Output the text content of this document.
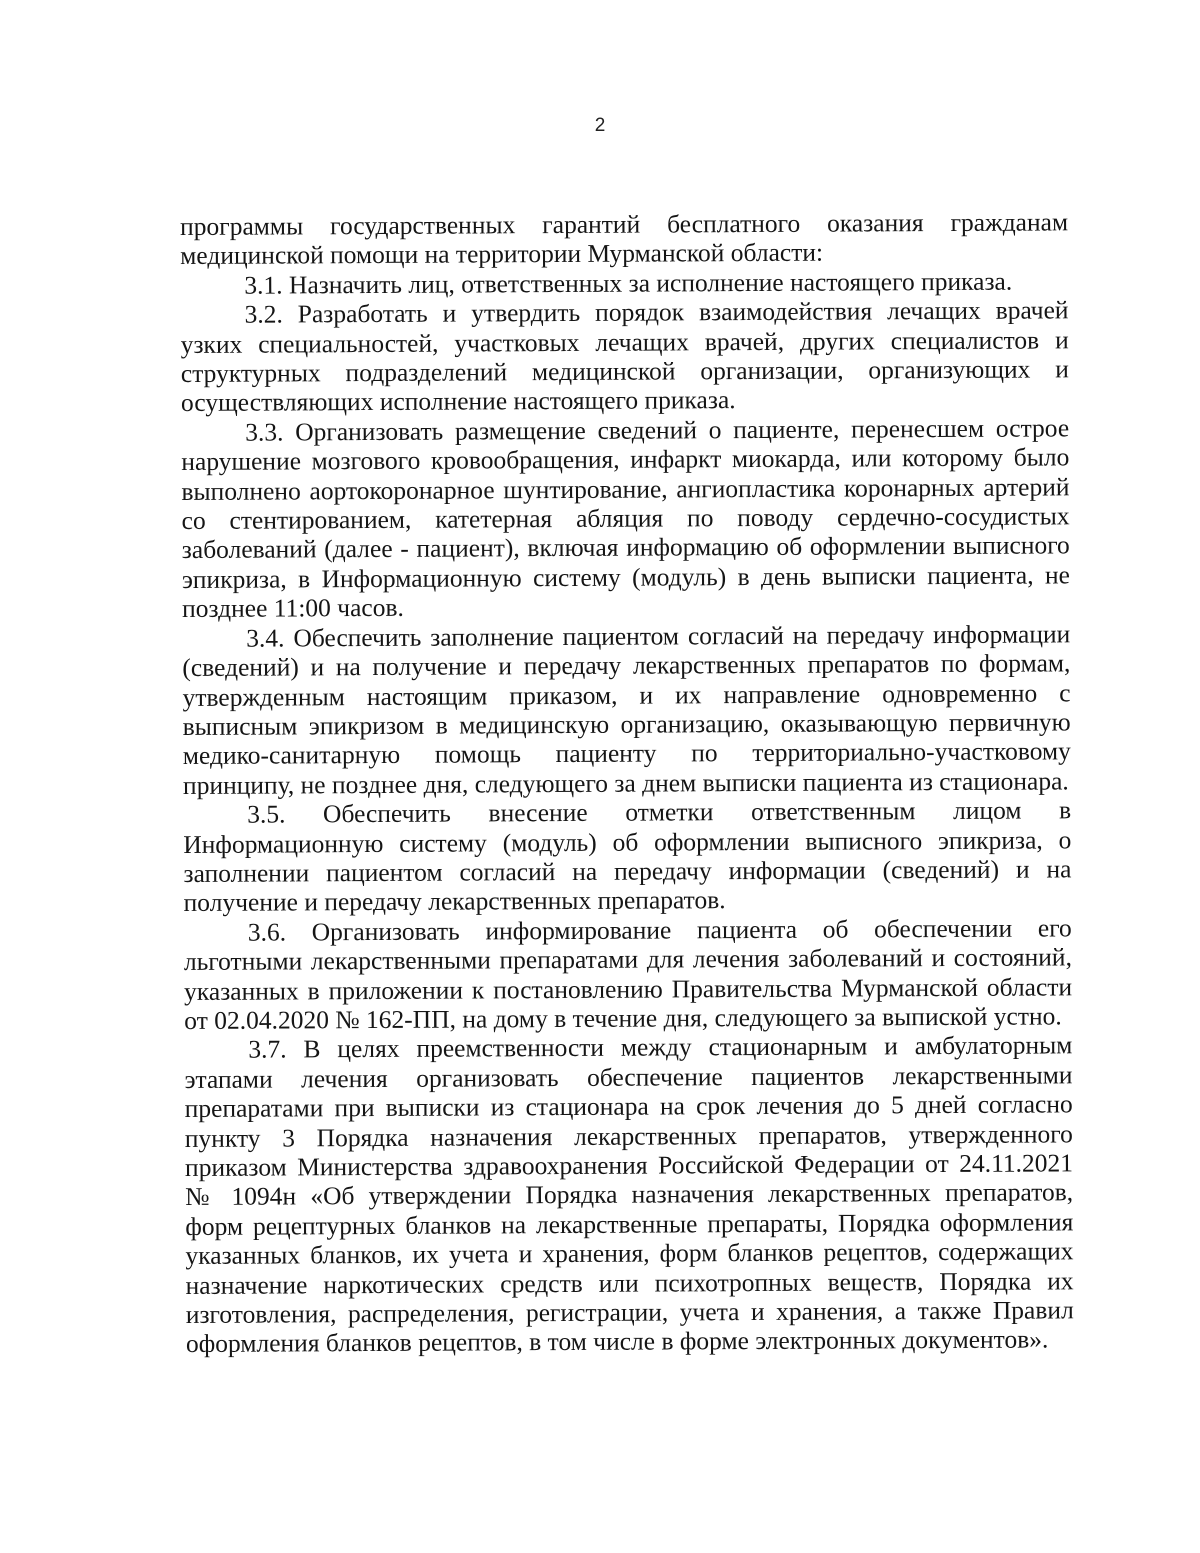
2

программы государственных гарантий бесплатного оказания гражданам медицинской помощи на территории Мурманской области:

3.1. Назначить лиц, ответственных за исполнение настоящего приказа.

3.2. Разработать и утвердить порядок взаимодействия лечащих врачей узких специальностей, участковых лечащих врачей, других специалистов и структурных подразделений медицинской организации, организующих и осуществляющих исполнение настоящего приказа.

3.3. Организовать размещение сведений о пациенте, перенесшем острое нарушение мозгового кровообращения, инфаркт миокарда, или которому было выполнено аортокоронарное шунтирование, ангиопластика коронарных артерий со стентированием, катетерная абляция по поводу сердечно-сосудистых заболеваний (далее - пациент), включая информацию об оформлении выписного эпикриза, в Информационную систему (модуль) в день выписки пациента, не позднее 11:00 часов.

3.4. Обеспечить заполнение пациентом согласий на передачу информации (сведений) и на получение и передачу лекарственных препаратов по формам, утвержденным настоящим приказом, и их направление одновременно с выписным эпикризом в медицинскую организацию, оказывающую первичную медико-санитарную помощь пациенту по территориально-участковому принципу, не позднее дня, следующего за днем выписки пациента из стационара.

3.5. Обеспечить внесение отметки ответственным лицом в Информационную систему (модуль) об оформлении выписного эпикриза, о заполнении пациентом согласий на передачу информации (сведений) и на получение и передачу лекарственных препаратов.

3.6. Организовать информирование пациента об обеспечении его льготными лекарственными препаратами для лечения заболеваний и состояний, указанных в приложении к постановлению Правительства Мурманской области от 02.04.2020 № 162-ПП, на дому в течение дня, следующего за выпиской устно.

3.7. В целях преемственности между стационарным и амбулаторным этапами лечения организовать обеспечение пациентов лекарственными препаратами при выписки из стационара на срок лечения до 5 дней согласно пункту 3 Порядка назначения лекарственных препаратов, утвержденного приказом Министерства здравоохранения Российской Федерации от 24.11.2021 № 1094н «Об утверждении Порядка назначения лекарственных препаратов, форм рецептурных бланков на лекарственные препараты, Порядка оформления указанных бланков, их учета и хранения, форм бланков рецептов, содержащих назначение наркотических средств или психотропных веществ, Порядка их изготовления, распределения, регистрации, учета и хранения, а также Правил оформления бланков рецептов, в том числе в форме электронных документов».
